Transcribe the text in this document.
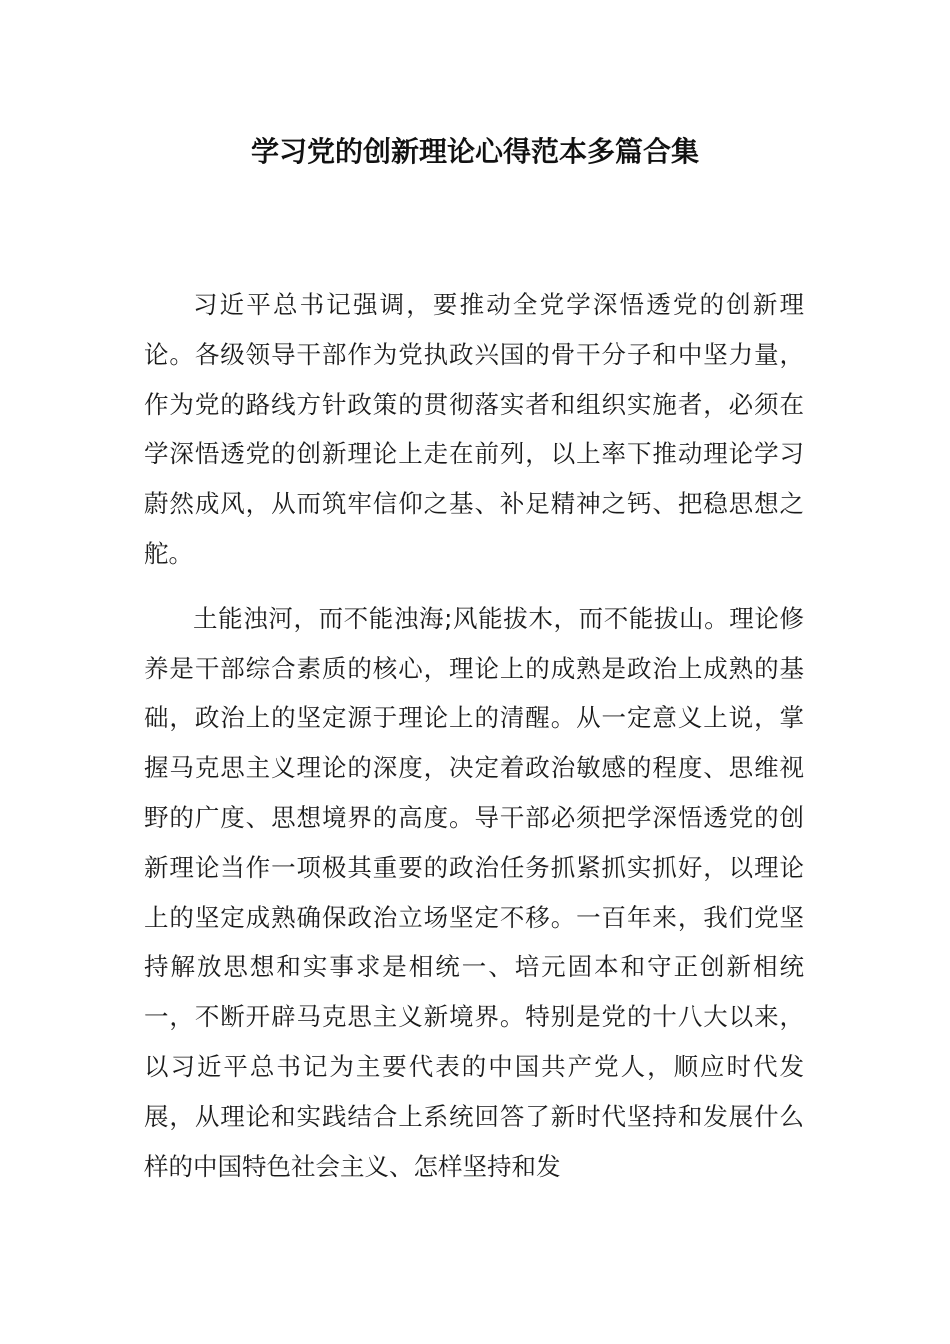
学习党的创新理论心得范本多篇合集

习近平总书记强调，要推动全党学深悟透党的创新理论。各级领导干部作为党执政兴国的骨干分子和中坚力量，作为党的路线方针政策的贯彻落实者和组织实施者，必须在学深悟透党的创新理论上走在前列，以上率下推动理论学习蔚然成风，从而筑牢信仰之基、补足精神之钙、把稳思想之舵。

土能浊河，而不能浊海;风能拔木，而不能拔山。理论修养是干部综合素质的核心，理论上的成熟是政治上成熟的基础，政治上的坚定源于理论上的清醒。从一定意义上说，掌握马克思主义理论的深度，决定着政治敏感的程度、思维视野的广度、思想境界的高度。导干部必须把学深悟透党的创新理论当作一项极其重要的政治任务抓紧抓实抓好，以理论上的坚定成熟确保政治立场坚定不移。一百年来，我们党坚持解放思想和实事求是相统一、培元固本和守正创新相统一，不断开辟马克思主义新境界。特别是党的十八大以来，以习近平总书记为主要代表的中国共产党人，顺应时代发展，从理论和实践结合上系统回答了新时代坚持和发展什么样的中国特色社会主义、怎样坚持和发
